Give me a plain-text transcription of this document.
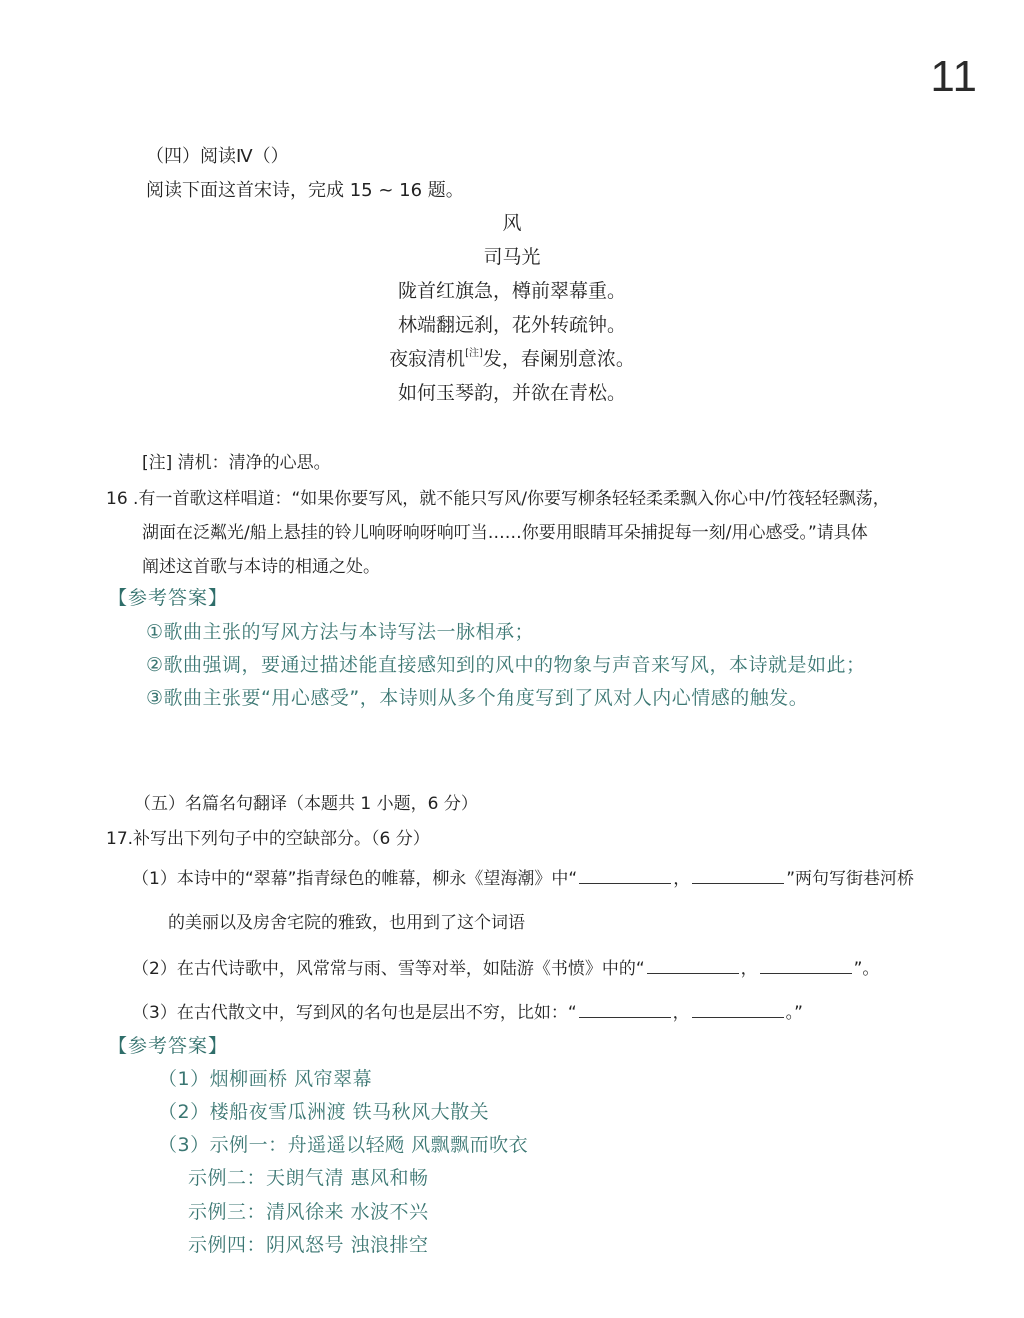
11
（四）阅读Ⅳ（）
阅读下面这首宋诗，完成 15 ~ 16 题。
风
司马光
陇首红旗急，樽前翠幕重。
林端翻远刹，花外转疏钟。
夜寂清机[注]发，春阑别意浓。
如何玉琴韵，并欲在青松。
[注] 清机：清净的心思。
16 .有一首歌这样唱道：“如果你要写风，就不能只写风/你要写柳条轻轻柔柔飘入你心中/竹筏轻轻飘荡，
湖面在泛粼光/船上悬挂的铃儿响呀响呀响叮当……你要用眼睛耳朵捕捉每一刻/用心感受。”请具体
阐述这首歌与本诗的相通之处。
【参考答案】
①歌曲主张的写风方法与本诗写法一脉相承；
②歌曲强调，要通过描述能直接感知到的风中的物象与声音来写风，本诗就是如此；
③歌曲主张要“用心感受”，本诗则从多个角度写到了风对人内心情感的触发。
（五）名篇名句翻译（本题共 1 小题，6 分）
17.补写出下列句子中的空缺部分。（6 分）
（1）本诗中的“翠幕”指青绿色的帷幕，柳永《望海潮》中“	，	”两句写街巷河桥
的美丽以及房舍宅院的雅致，也用到了这个词语
（2）在古代诗歌中，风常常与雨、雪等对举，如陆游《书愤》中的“	，	”。
（3）在古代散文中，写到风的名句也是层出不穷，比如：“	，	。”
【参考答案】
（1）烟柳画桥 风帘翠幕
（2）楼船夜雪瓜洲渡 铁马秋风大散关
（3）示例一：舟遥遥以轻飏 风飘飘而吹衣
示例二：天朗气清 惠风和畅
示例三：清风徐来 水波不兴
示例四：阴风怒号 浊浪排空
